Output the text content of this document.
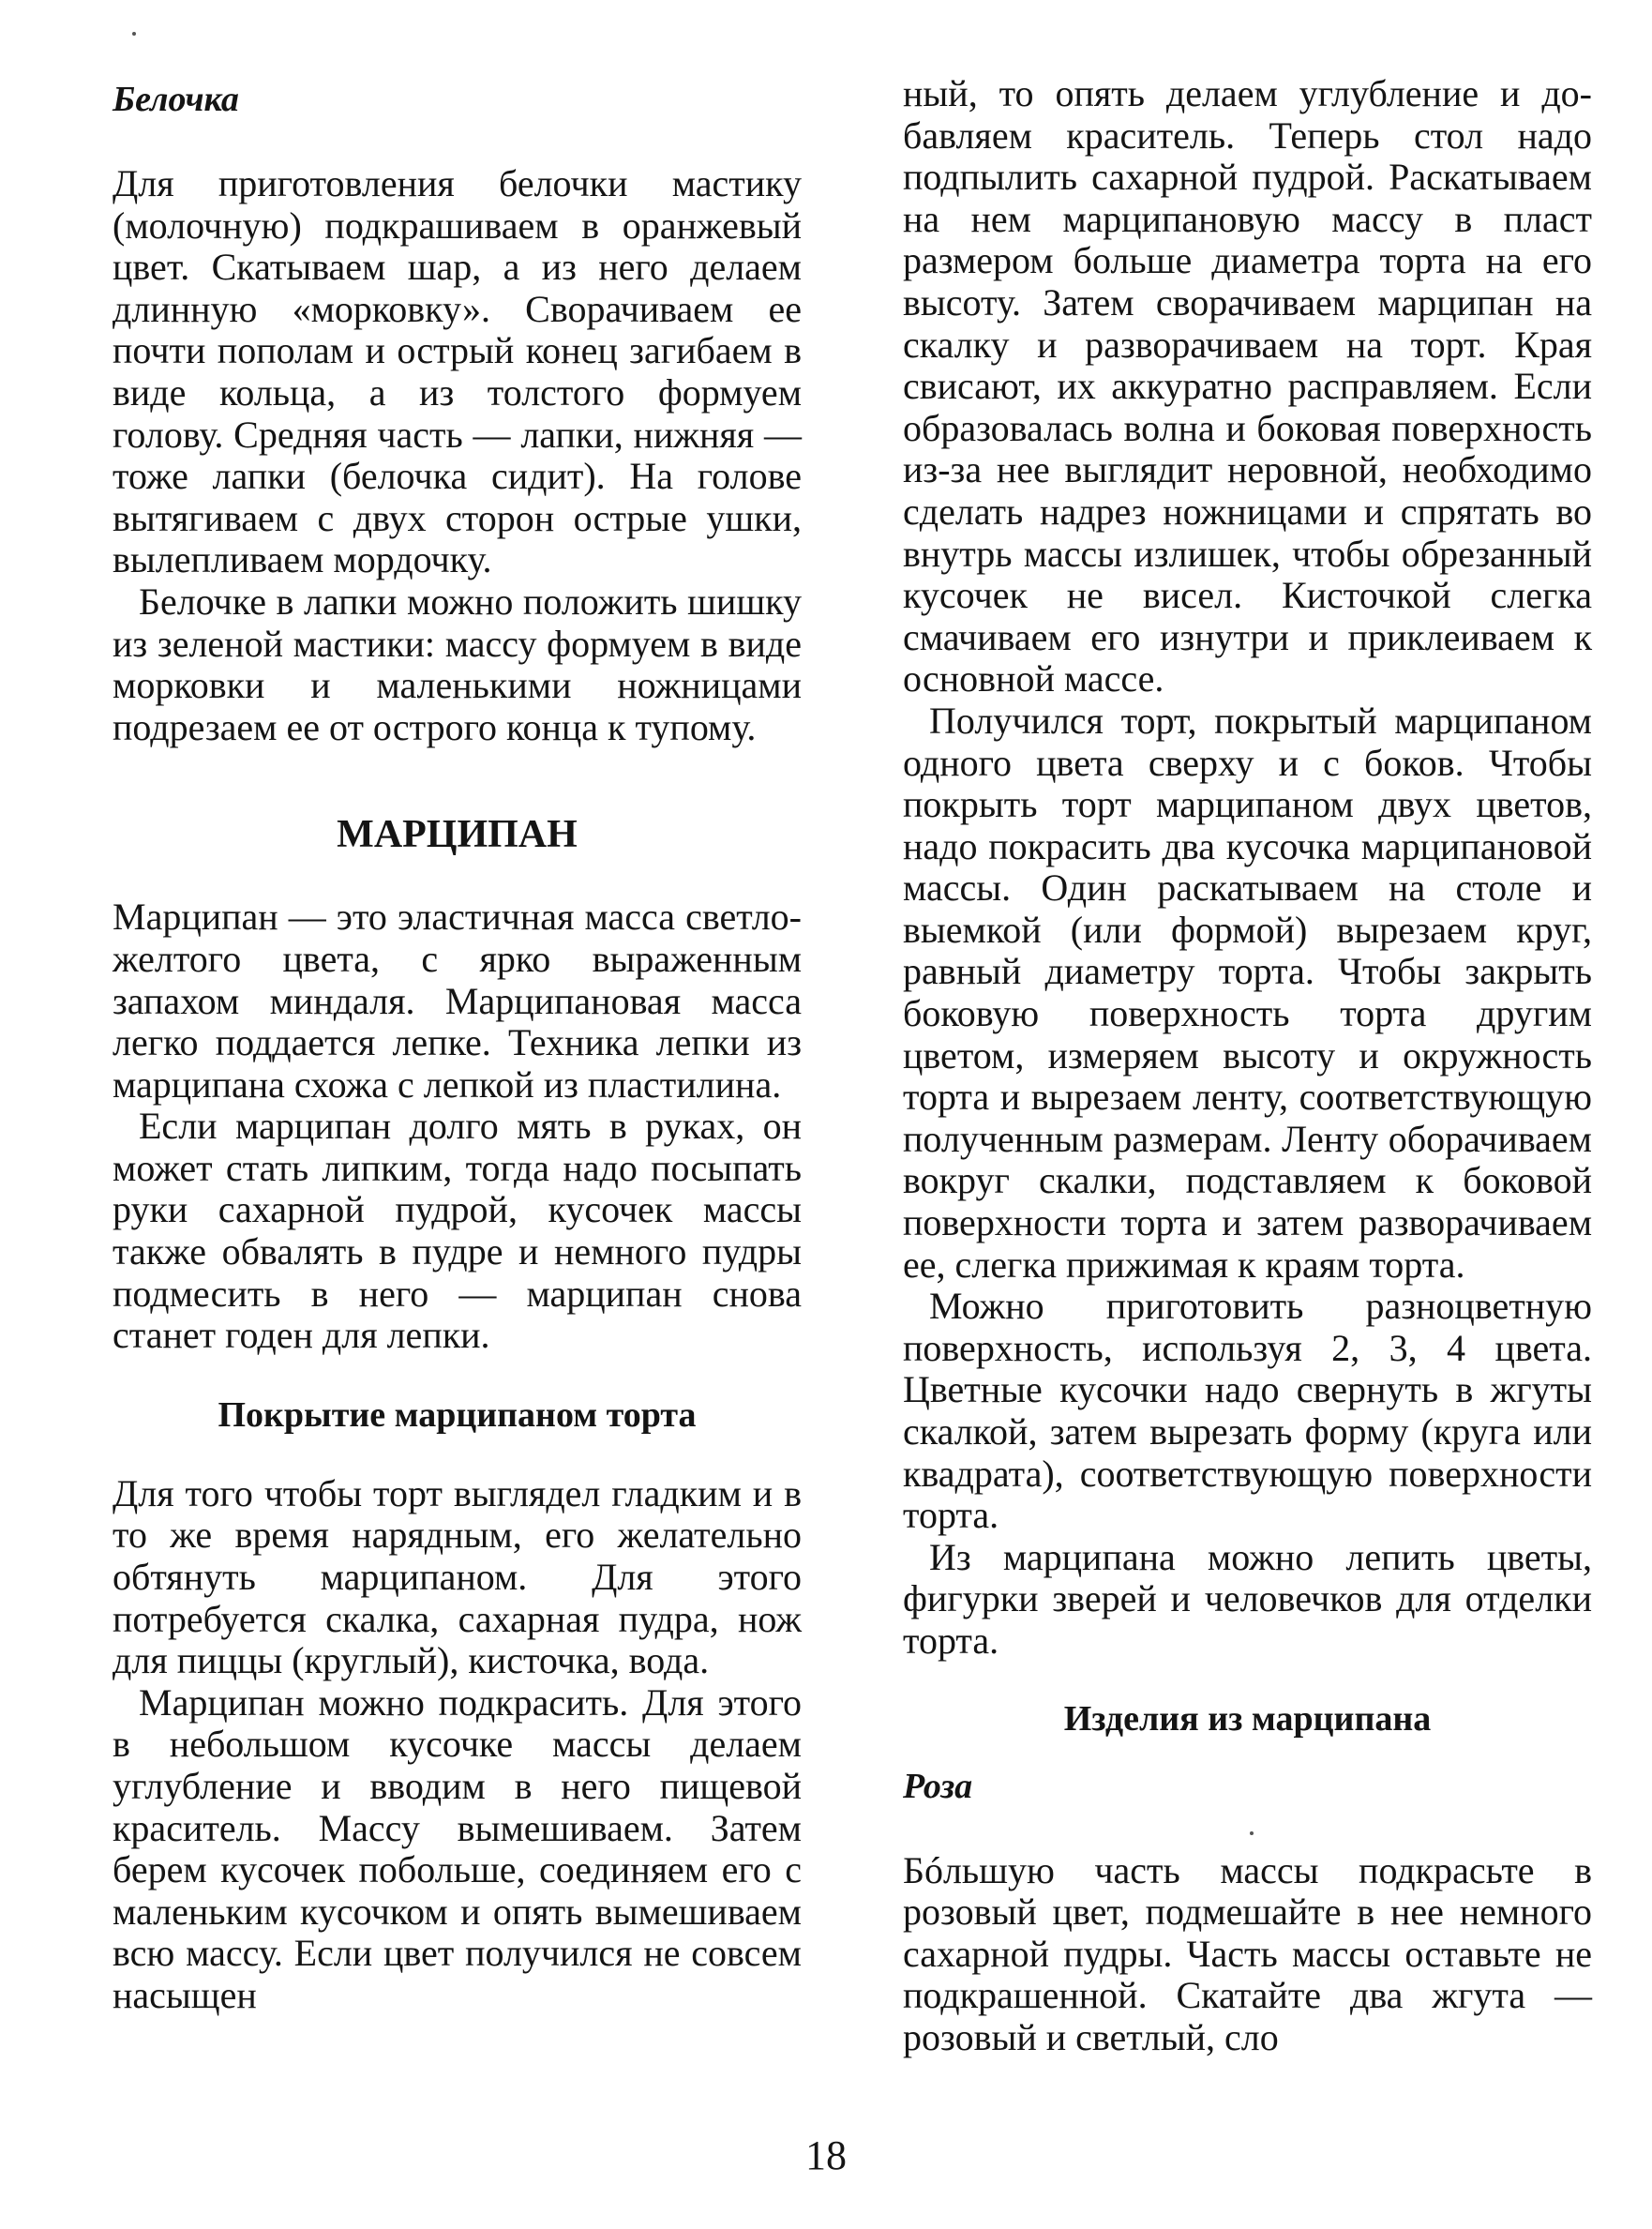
Белочка

Для приготовления белочки мастику (молочную) подкрашиваем в оранжевый цвет. Скатываем шар, а из него делаем длинную «морковку». Сворачиваем ее почти пополам и острый конец загибаем в виде кольца, а из толстого формуем голову. Средняя часть — лапки, нижняя — тоже лапки (белочка сидит). На голове вытягиваем с двух сторон острые ушки, вылепливаем мордочку.

Белочке в лапки можно положить шишку из зеленой мастики: массу формуем в виде морковки и маленькими ножницами подрезаем ее от острого конца к тупому.

МАРЦИПАН

Марципан — это эластичная масса светло-желтого цвета, с ярко выраженным запахом миндаля. Марципановая масса легко поддается лепке. Техника лепки из марципана схожа с лепкой из пластилина.

Если марципан долго мять в руках, он может стать липким, тогда надо посыпать руки сахарной пудрой, кусочек массы также обвалять в пудре и немного пудры подмесить в него — марципан снова станет годен для лепки.

Покрытие марципаном торта

Для того чтобы торт выглядел гладким и в то же время нарядным, его желательно обтянуть марципаном. Для этого потребуется скалка, сахарная пудра, нож для пиццы (круглый), кисточка, вода.

Марципан можно подкрасить. Для этого в небольшом кусочке массы делаем углубление и вводим в него пищевой краситель. Массу вымешиваем. Затем берем кусочек побольше, соединяем его с маленьким кусочком и опять вымешиваем всю массу. Если цвет получился не совсем насыщен

ный, то опять делаем углубление и добавляем краситель. Теперь стол надо подпылить сахарной пудрой. Раскатываем на нем марципановую массу в пласт размером больше диаметра торта на его высоту. Затем сворачиваем марципан на скалку и разворачиваем на торт. Края свисают, их аккуратно расправляем. Если образовалась волна и боковая поверхность из-за нее выглядит неровной, необходимо сделать надрез ножницами и спрятать во внутрь массы излишек, чтобы обрезанный кусочек не висел. Кисточкой слегка смачиваем его изнутри и приклеиваем к основной массе.

Получился торт, покрытый марципаном одного цвета сверху и с боков. Чтобы покрыть торт марципаном двух цветов, надо покрасить два кусочка марципановой массы. Один раскатываем на столе и выемкой (или формой) вырезаем круг, равный диаметру торта. Чтобы закрыть боковую поверхность торта другим цветом, измеряем высоту и окружность торта и вырезаем ленту, соответствующую полученным размерам. Ленту оборачиваем вокруг скалки, подставляем к боковой поверхности торта и затем разворачиваем ее, слегка прижимая к краям торта.

Можно приготовить разноцветную поверхность, используя 2, 3, 4 цвета. Цветные кусочки надо свернуть в жгуты скалкой, затем вырезать форму (круга или квадрата), соответствующую поверхности торта.

Из марципана можно лепить цветы, фигурки зверей и человечков для отделки торта.

Изделия из марципана
Роза

Бóльшую часть массы подкрасьте в розовый цвет, подмешайте в нее немного сахарной пудры. Часть массы оставьте не подкрашенной. Скатайте два жгута — розовый и светлый, сло

18
